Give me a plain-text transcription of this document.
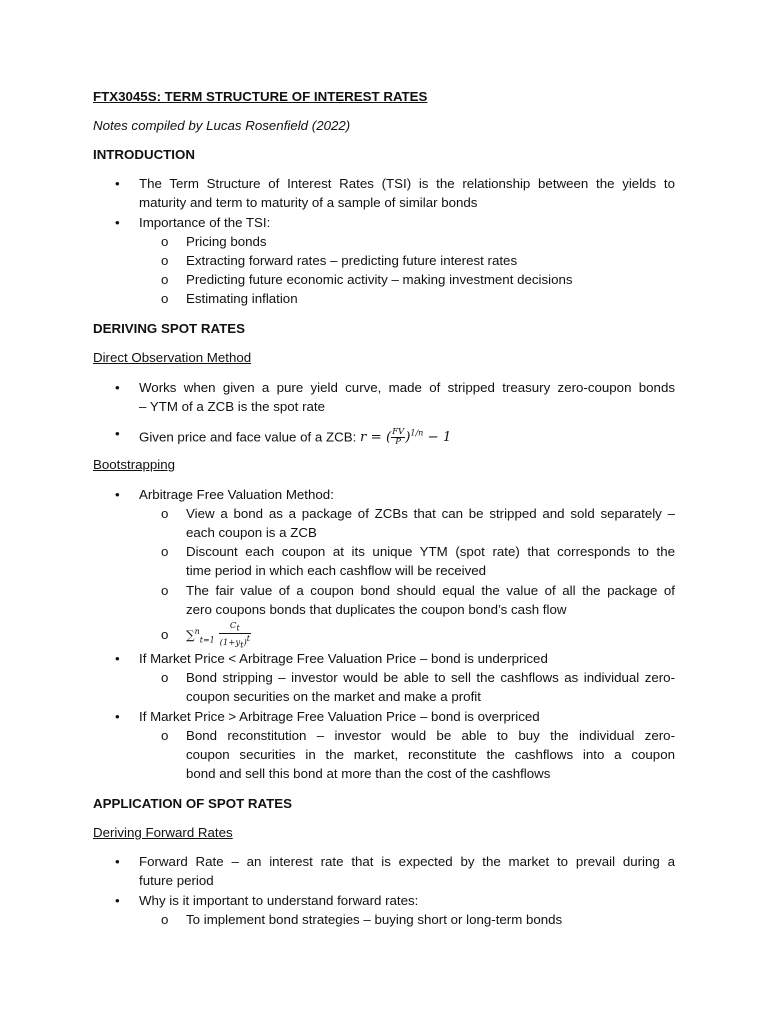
FTX3045S: TERM STRUCTURE OF INTEREST RATES

Notes compiled by Lucas Rosenfield (2022)

INTRODUCTION

•	The Term Structure of Interest Rates (TSI) is the relationship between the yields to

maturity and term to maturity of a sample of similar bonds

•	Importance of the TSI:

o	Pricing bonds

o	Extracting forward rates – predicting future interest rates

o	Predicting future economic activity – making investment decisions

o	Estimating inflation

DERIVING SPOT RATES

Direct Observation Method

•	Works when given a pure yield curve, made of stripped treasury zero-coupon bonds

– YTM of a ZCB is the spot rate

•	Given price and face value of a ZCB: r = ( $\frac{FV}{P} )^{1/n} - 1$

Bootstrapping

•	Arbitrage Free Valuation Method:

o	View a bond as a package of ZCBs that can be stripped and sold separately –

each coupon is a ZCB

o	Discount each coupon at its unique YTM (spot rate) that corresponds to the

time period in which each cashflow will be received

o	The fair value of a coupon bond should equal the value of all the package of

zero coupons bonds that duplicates the coupon bond’s cash flow

o	$\sum^n_{t=1} \frac{C_t}{(1+y_t)^t}$

•	If Market Price < Arbitrage Free Valuation Price – bond is underpriced

o	Bond stripping – investor would be able to sell the cashflows as individual zero-

coupon securities on the market and make a profit

•	If Market Price > Arbitrage Free Valuation Price – bond is overpriced

o	Bond reconstitution – investor would be able to buy the individual zero-

coupon securities in the market, reconstitute the cashflows into a coupon

bond and sell this bond at more than the cost of the cashflows

APPLICATION OF SPOT RATES

Deriving Forward Rates

•	Forward Rate – an interest rate that is expected by the market to prevail during a

future period

•	Why is it important to understand forward rates:

o	To implement bond strategies – buying short or long-term bonds
